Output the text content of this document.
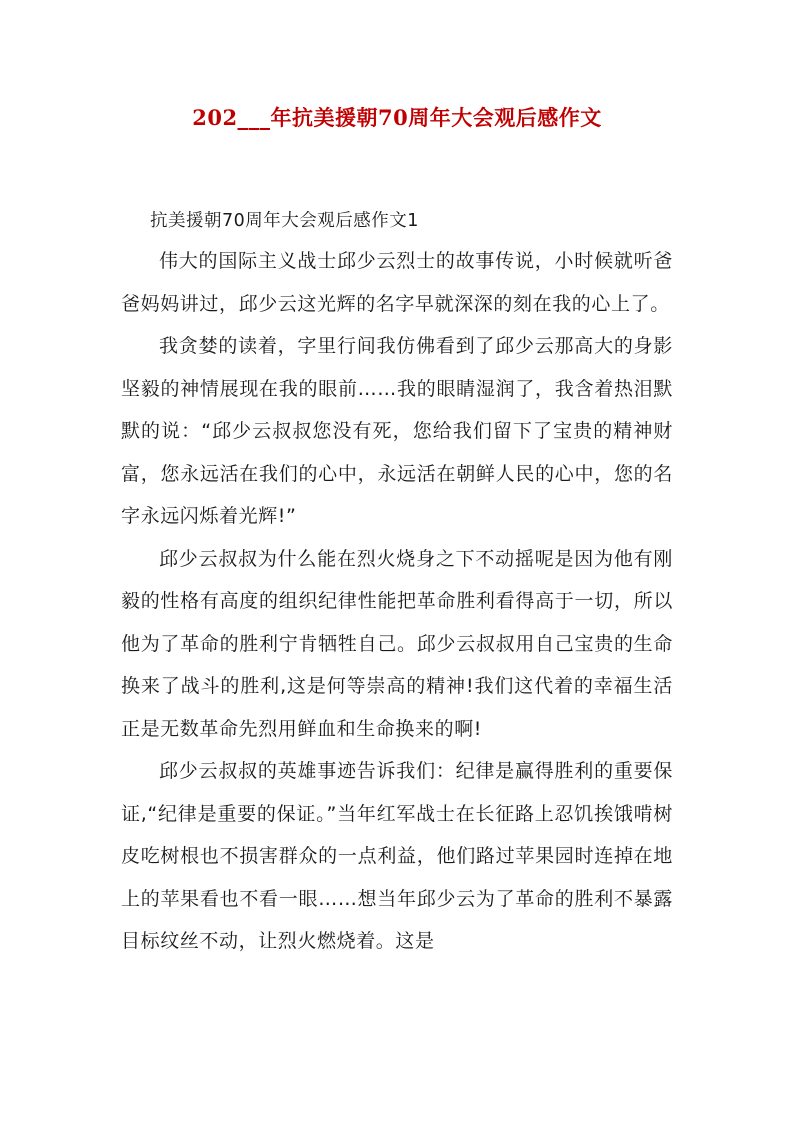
202___年抗美援朝70周年大会观后感作文
抗美援朝70周年大会观后感作文1

伟大的国际主义战士邱少云烈士的故事传说，小时候就听爸爸妈妈讲过，邱少云这光辉的名字早就深深的刻在我的心上了。

我贪婪的读着，字里行间我仿佛看到了邱少云那高大的身影坚毅的神情展现在我的眼前……我的眼睛湿润了，我含着热泪默默的说：“邱少云叔叔您没有死，您给我们留下了宝贵的精神财富，您永远活在我们的心中，永远活在朝鲜人民的心中，您的名字永远闪烁着光辉!”

邱少云叔叔为什么能在烈火烧身之下不动摇呢是因为他有刚毅的性格有高度的组织纪律性能把革命胜利看得高于一切，所以他为了革命的胜利宁肯牺牲自己。邱少云叔叔用自己宝贵的生命换来了战斗的胜利,这是何等崇高的精神!我们这代着的幸福生活正是无数革命先烈用鲜血和生命换来的啊!

邱少云叔叔的英雄事迹告诉我们：纪律是赢得胜利的重要保证,“纪律是重要的保证。”当年红军战士在长征路上忍饥挨饿啃树皮吃树根也不损害群众的一点利益，他们路过苹果园时连掉在地上的苹果看也不看一眼……想当年邱少云为了革命的胜利不暴露目标纹丝不动，让烈火燃烧着。这是
